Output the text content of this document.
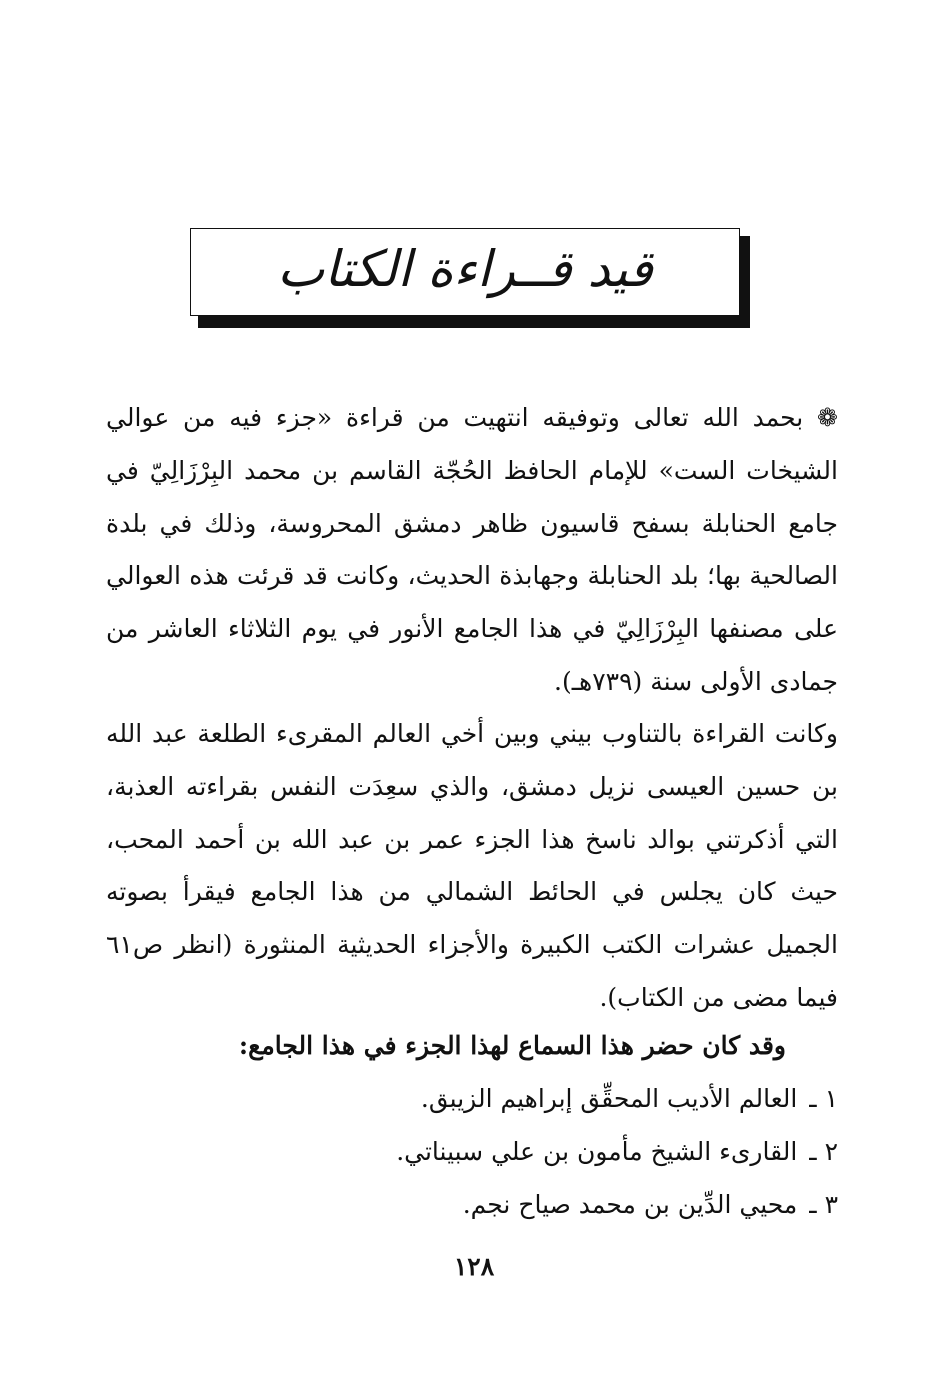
قيد قــراءة الكتاب

❁ بحمد الله تعالى وتوفيقه انتهيت من قراءة «جزء فيه من عوالي الشيخات الست» للإمام الحافظ الحُجّة القاسم بن محمد البِرْزَالِيّ في جامع الحنابلة بسفح قاسيون ظاهر دمشق المحروسة، وذلك في بلدة الصالحية بها؛ بلد الحنابلة وجهابذة الحديث، وكانت قد قرئت هذه العوالي على مصنفها البِرْزَالِيّ في هذا الجامع الأنور في يوم الثلاثاء العاشر من جمادى الأولى سنة (٧٣٩هـ).

وكانت القراءة بالتناوب بيني وبين أخي العالم المقرىء الطلعة عبد الله بن حسين العيسى نزيل دمشق، والذي سعِدَت النفس بقراءته العذبة، التي أذكرتني بوالد ناسخ هذا الجزء عمر بن عبد الله بن أحمد المحب، حيث كان يجلس في الحائط الشمالي من هذا الجامع فيقرأ بصوته الجميل عشرات الكتب الكبيرة والأجزاء الحديثية المنثورة (انظر ص٦١ فيما مضى من الكتاب).

وقد كان حضر هذا السماع لهذا الجزء في هذا الجامع:

١ ـ العالم الأديب المحقِّق إبراهيم الزيبق.
٢ ـ القارىء الشيخ مأمون بن علي سبيناتي.
٣ ـ محيي الدِّين بن محمد صياح نجم.
١٢٨
